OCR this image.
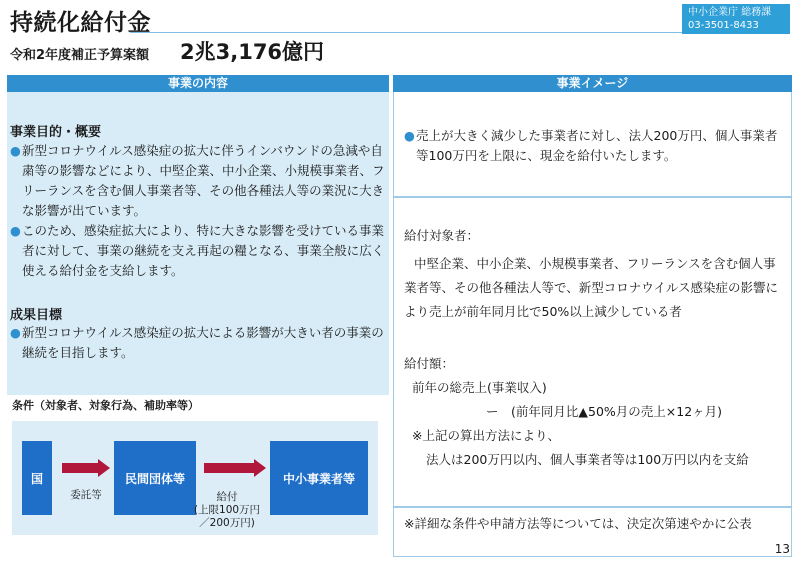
持続化給付金	中小企業庁 総務課
03-3501-8433
令和2年度補正予算案額 2兆3,176億円
事業の内容
事業目的・概要
● 新型コロナウイルス感染症の拡大に伴うインバウンドの急減や自粛等の影響などにより、中堅企業、中小企業、小規模事業者、フリーランスを含む個人事業者等、その他各種法人等の業況に大きな影響が出ています。
● このため、感染症拡大により、特に大きな影響を受けている事業者に対して、事業の継続を支え再起の糧となる、事業全般に広く使える給付金を支給します。
成果目標
● 新型コロナウイルス感染症の拡大による影響が大きい者の事業の継続を目指します。
条件（対象者、対象行為、補助率等）
国
委託等
民間団体等
給付
(上限100万円
／200万円)
中小事業者等
事業イメージ
● 売上が大きく減少した事業者に対し、法人200万円、個人事業者等100万円を上限に、現金を給付いたします。
給付対象者：
中堅企業、中小企業、小規模事業者、フリーランスを含む個人事
業者等、その他各種法人等で、新型コロナウイルス感染症の影響に
より売上が前年同月比で50%以上減少している者
給付額：
前年の総売上(事業収入)
ー　(前年同月比▲50%月の売上×12ヶ月)
※上記の算出方法により、
法人は200万円以内、個人事業者等は100万円以内を支給
※詳細な条件や申請方法等については、決定次第速やかに公表
13
